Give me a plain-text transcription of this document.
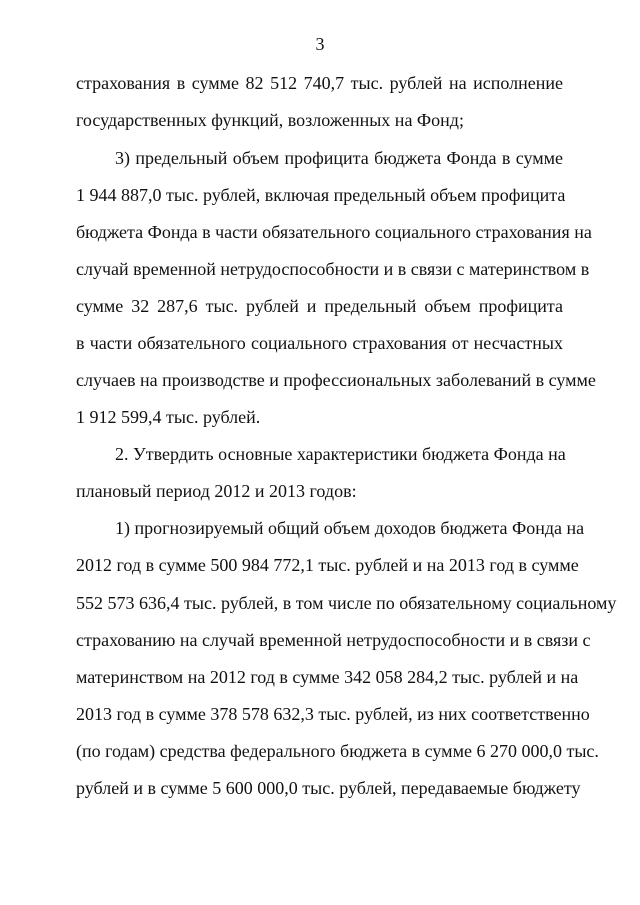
3
страхования в сумме 82 512 740,7 тыс. рублей на исполнение
государственных функций, возложенных на Фонд;
3) предельный объем профицита бюджета Фонда в сумме
1 944 887,0 тыс. рублей, включая предельный объем профицита
бюджета Фонда в части обязательного социального страхования на
случай временной нетрудоспособности и в связи с материнством в
сумме 32 287,6 тыс. рублей и предельный объем профицита
в части обязательного социального страхования от несчастных
случаев на производстве и профессиональных заболеваний в сумме
1 912 599,4 тыс. рублей.
2. Утвердить основные характеристики бюджета Фонда на
плановый период 2012 и 2013 годов:
1) прогнозируемый общий объем доходов бюджета Фонда на
2012 год в сумме 500 984 772,1 тыс. рублей и на 2013 год в сумме
552 573 636,4 тыс. рублей, в том числе по обязательному социальному
страхованию на случай временной нетрудоспособности и в связи с
материнством на 2012 год в сумме 342 058 284,2 тыс. рублей и на
2013 год в сумме 378 578 632,3 тыс. рублей, из них соответственно
(по годам) средства федерального бюджета в сумме 6 270 000,0 тыс.
рублей и в сумме 5 600 000,0 тыс. рублей, передаваемые бюджету
